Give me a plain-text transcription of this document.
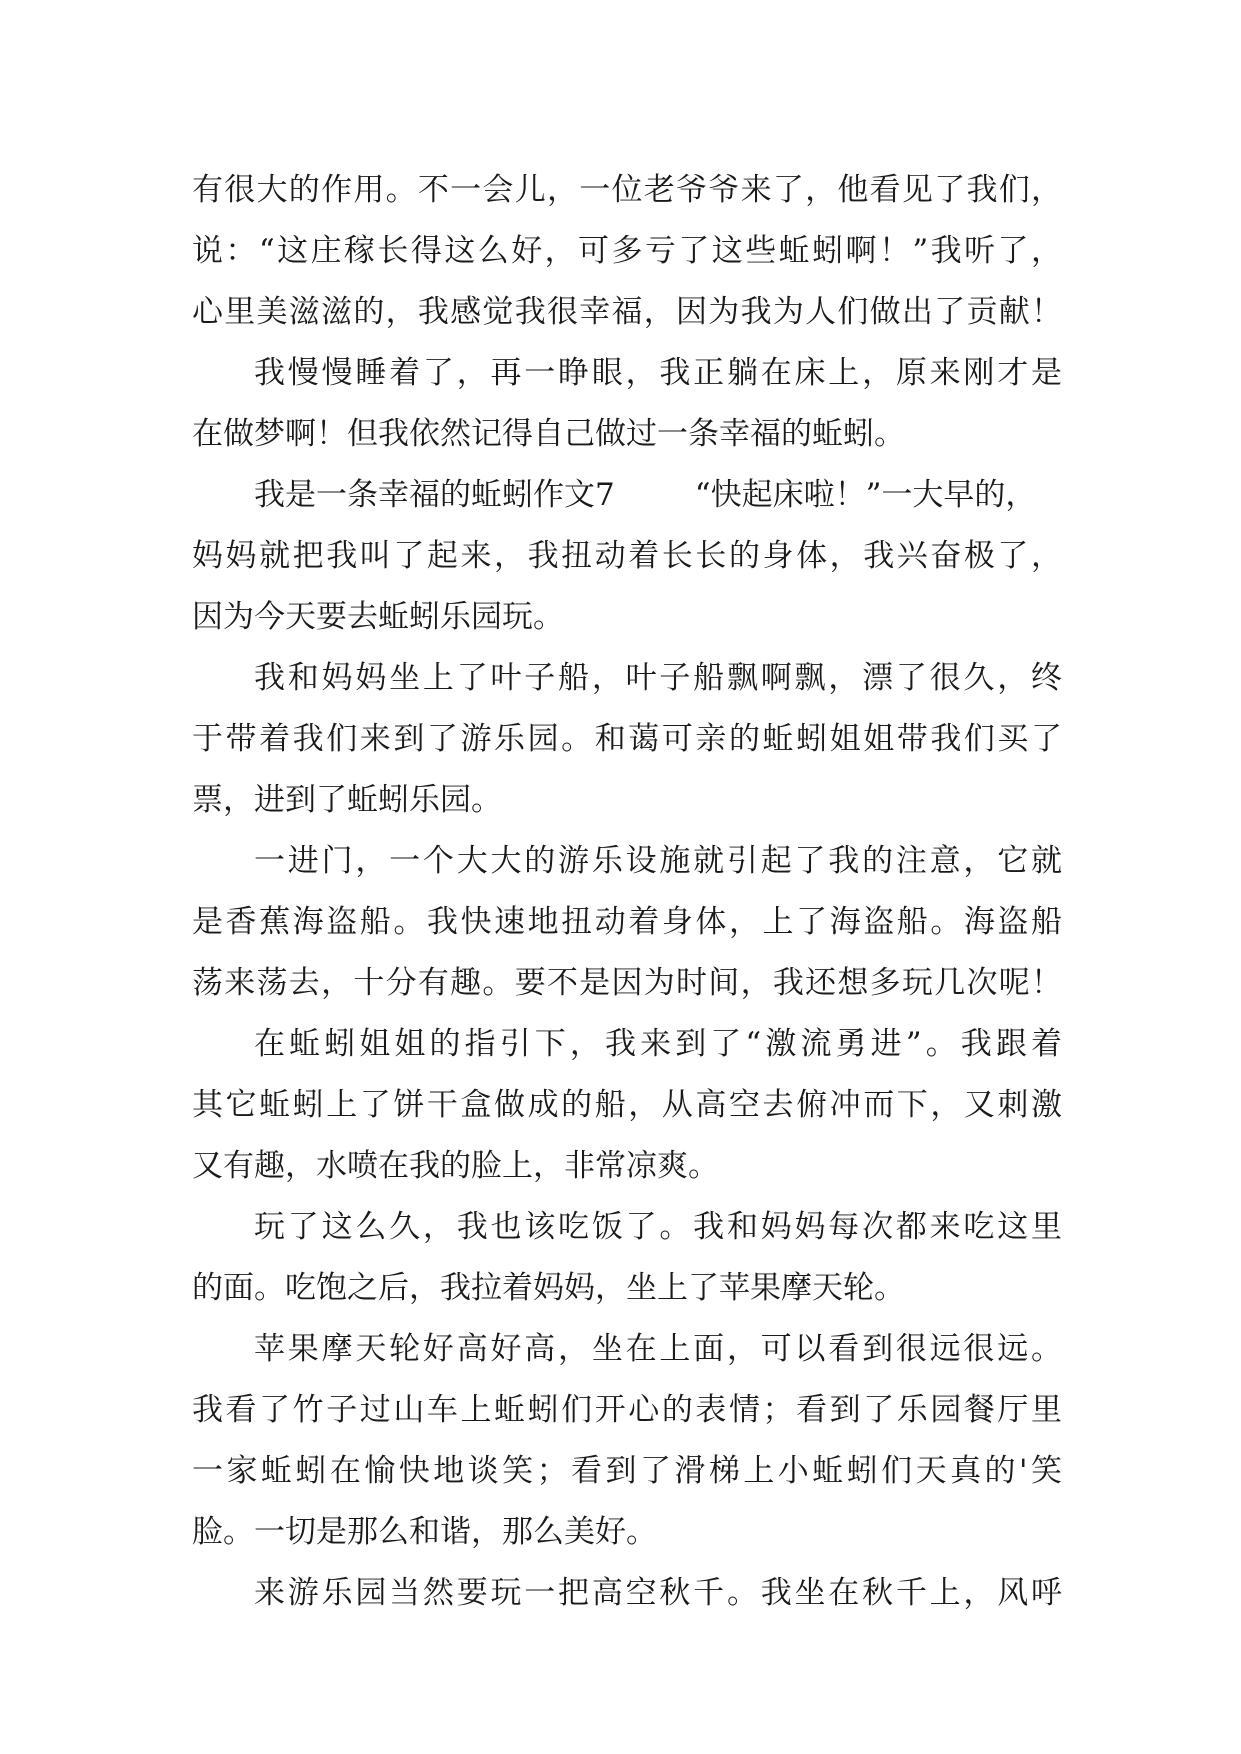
有很大的作用。不一会儿，一位老爷爷来了，他看见了我们，
说：“这庄稼长得这么好，可多亏了这些蚯蚓啊！”我听了，
心里美滋滋的，我感觉我很幸福，因为我为人们做出了贡献！
我慢慢睡着了，再一睁眼，我正躺在床上，原来刚才是
在做梦啊！但我依然记得自己做过一条幸福的蚯蚓。
我是一条幸福的蚯蚓作文7	“快起床啦！”一大早的，
妈妈就把我叫了起来，我扭动着长长的身体，我兴奋极了，
因为今天要去蚯蚓乐园玩。
我和妈妈坐上了叶子船，叶子船飘啊飘，漂了很久，终
于带着我们来到了游乐园。和蔼可亲的蚯蚓姐姐带我们买了
票，进到了蚯蚓乐园。
一进门，一个大大的游乐设施就引起了我的注意，它就
是香蕉海盗船。我快速地扭动着身体，上了海盗船。海盗船
荡来荡去，十分有趣。要不是因为时间，我还想多玩几次呢！
在蚯蚓姐姐的指引下，我来到了“激流勇进”。我跟着
其它蚯蚓上了饼干盒做成的船，从高空去俯冲而下，又刺激
又有趣，水喷在我的脸上，非常凉爽。
玩了这么久，我也该吃饭了。我和妈妈每次都来吃这里
的面。吃饱之后，我拉着妈妈，坐上了苹果摩天轮。
苹果摩天轮好高好高，坐在上面，可以看到很远很远。
我看了竹子过山车上蚯蚓们开心的表情；看到了乐园餐厅里
一家蚯蚓在愉快地谈笑；看到了滑梯上小蚯蚓们天真的'笑
脸。一切是那么和谐，那么美好。
来游乐园当然要玩一把高空秋千。我坐在秋千上，风呼
